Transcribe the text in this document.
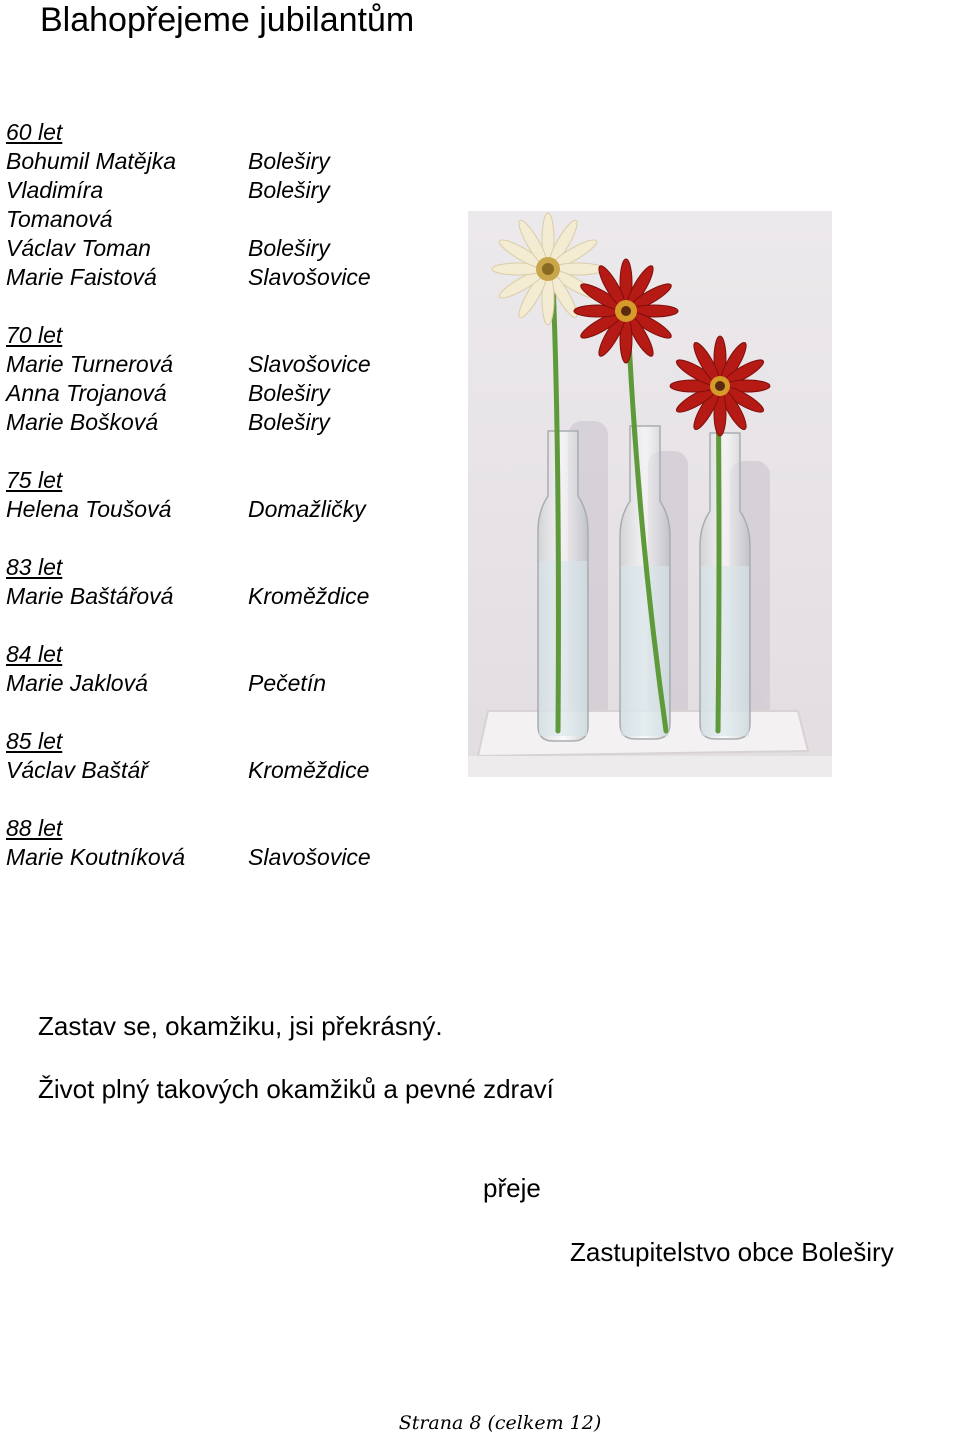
Blahopřejeme jubilantům
60 let
Bohumil Matějka	Boleširy
Vladimíra	Boleširy
Tomanová
Václav Toman	Boleširy
Marie Faistová	Slavošovice
70 let
Marie Turnerová	Slavošovice
Anna Trojanová	Boleširy
Marie Bošková	Boleširy
75 let
Helena Toušová	Domažličky
83 let
Marie Baštářová	Kroměždice
84 let
Marie Jaklová	Pečetín
85 let
Václav Baštář	Kroměždice
88 let
Marie Koutníková	Slavošovice
Zastav se, okamžiku, jsi překrásný.
Život plný takových okamžiků a pevné zdraví
přeje
Zastupitelstvo obce Boleširy
Strana 8 (celkem 12)
